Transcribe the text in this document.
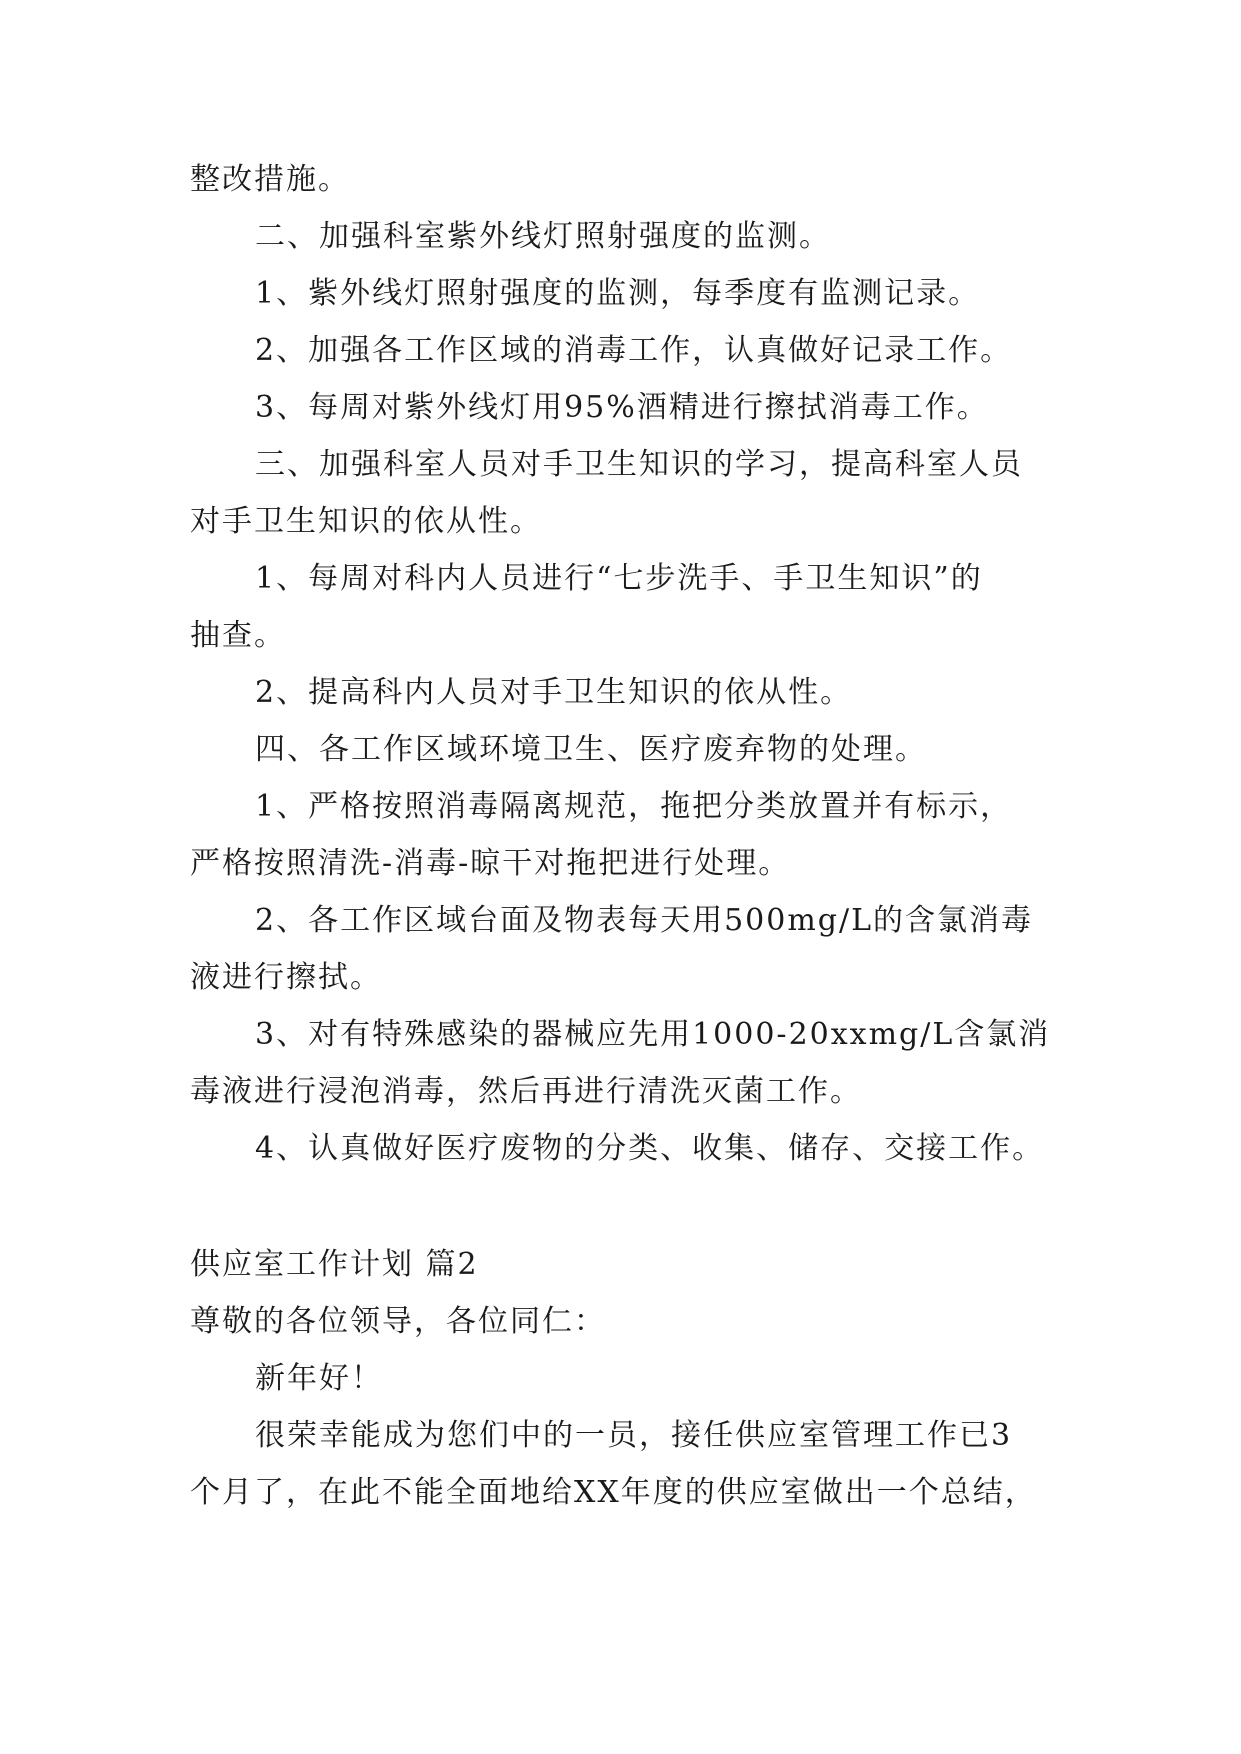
整改措施。
二、加强科室紫外线灯照射强度的监测。
1、紫外线灯照射强度的监测，每季度有监测记录。
2、加强各工作区域的消毒工作，认真做好记录工作。
3、每周对紫外线灯用95%酒精进行擦拭消毒工作。
三、加强科室人员对手卫生知识的学习，提高科室人员
对手卫生知识的依从性。
1、每周对科内人员进行“七步洗手、手卫生知识”的
抽查。
2、提高科内人员对手卫生知识的依从性。
四、各工作区域环境卫生、医疗废弃物的处理。
1、严格按照消毒隔离规范，拖把分类放置并有标示，
严格按照清洗-消毒-晾干对拖把进行处理。
2、各工作区域台面及物表每天用500mg/L的含氯消毒
液进行擦拭。
3、对有特殊感染的器械应先用1000-20xxmg/L含氯消
毒液进行浸泡消毒，然后再进行清洗灭菌工作。
4、认真做好医疗废物的分类、收集、储存、交接工作。
供应室工作计划 篇2
尊敬的各位领导，各位同仁：
新年好！
很荣幸能成为您们中的一员，接任供应室管理工作已3
个月了，在此不能全面地给XX年度的供应室做出一个总结，
